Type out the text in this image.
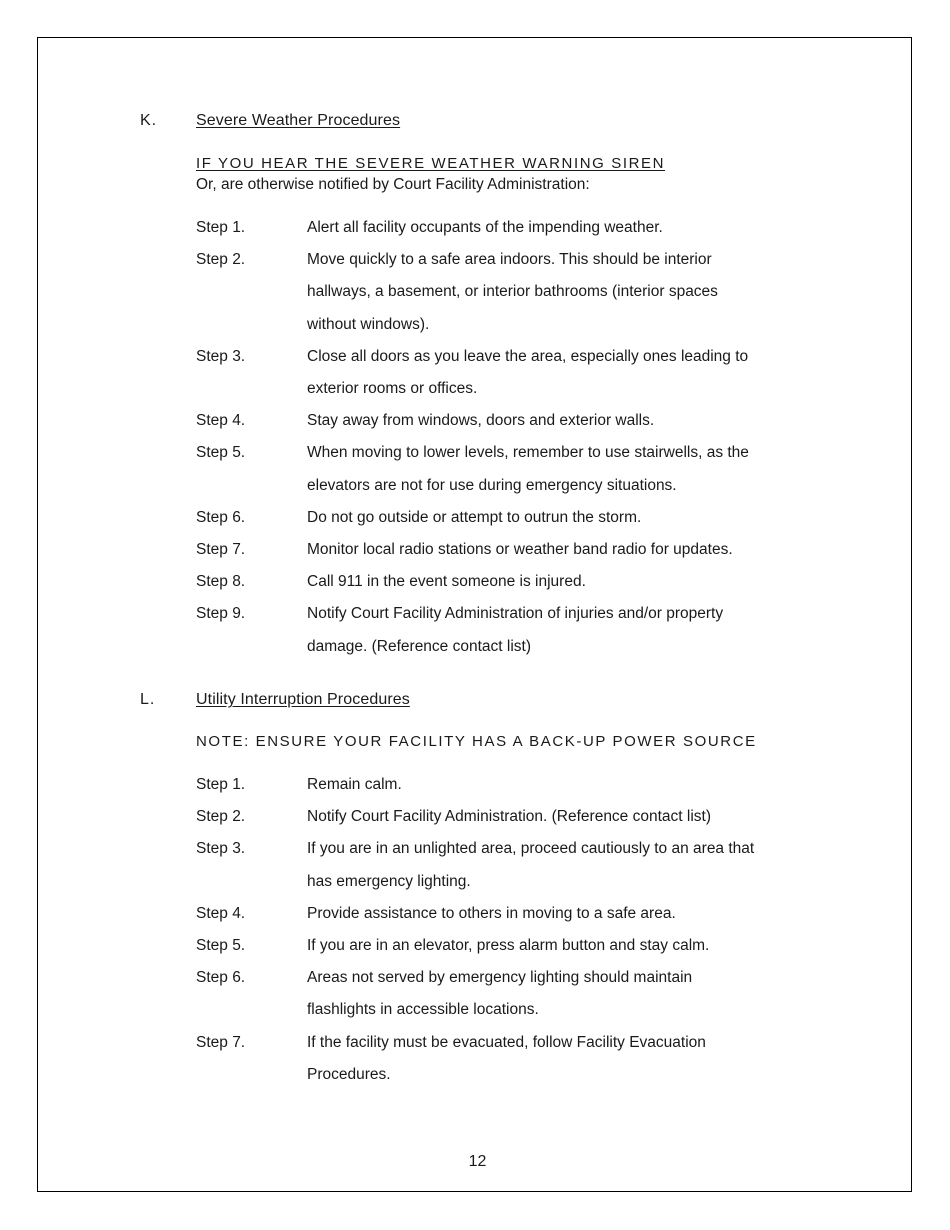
K. Severe Weather Procedures
IF YOU HEAR THE SEVERE WEATHER WARNING SIREN
Or, are otherwise notified by Court Facility Administration:
Step 1.	Alert all facility occupants of the impending weather.
Step 2.	Move quickly to a safe area indoors. This should be interior
hallways, a basement, or interior bathrooms (interior spaces
without windows).
Step 3.	Close all doors as you leave the area, especially ones leading to
exterior rooms or offices.
Step 4.	Stay away from windows, doors and exterior walls.
Step 5.	When moving to lower levels, remember to use stairwells, as the
elevators are not for use during emergency situations.
Step 6.	Do not go outside or attempt to outrun the storm.
Step 7.	Monitor local radio stations or weather band radio for updates.
Step 8.	Call 911 in the event someone is injured.
Step 9.	Notify Court Facility Administration of injuries and/or property
damage. (Reference contact list)
L.	Utility Interruption Procedures
NOTE: ENSURE YOUR FACILITY HAS A BACK-UP POWER SOURCE
Step 1.	Remain calm.
Step 2.	Notify Court Facility Administration. (Reference contact list)
Step 3.	If you are in an unlighted area, proceed cautiously to an area that
has emergency lighting.
Step 4.	Provide assistance to others in moving to a safe area.
Step 5.	If you are in an elevator, press alarm button and stay calm.
Step 6.	Areas not served by emergency lighting should maintain
flashlights in accessible locations.
Step 7.	If the facility must be evacuated, follow Facility Evacuation
Procedures.
12
